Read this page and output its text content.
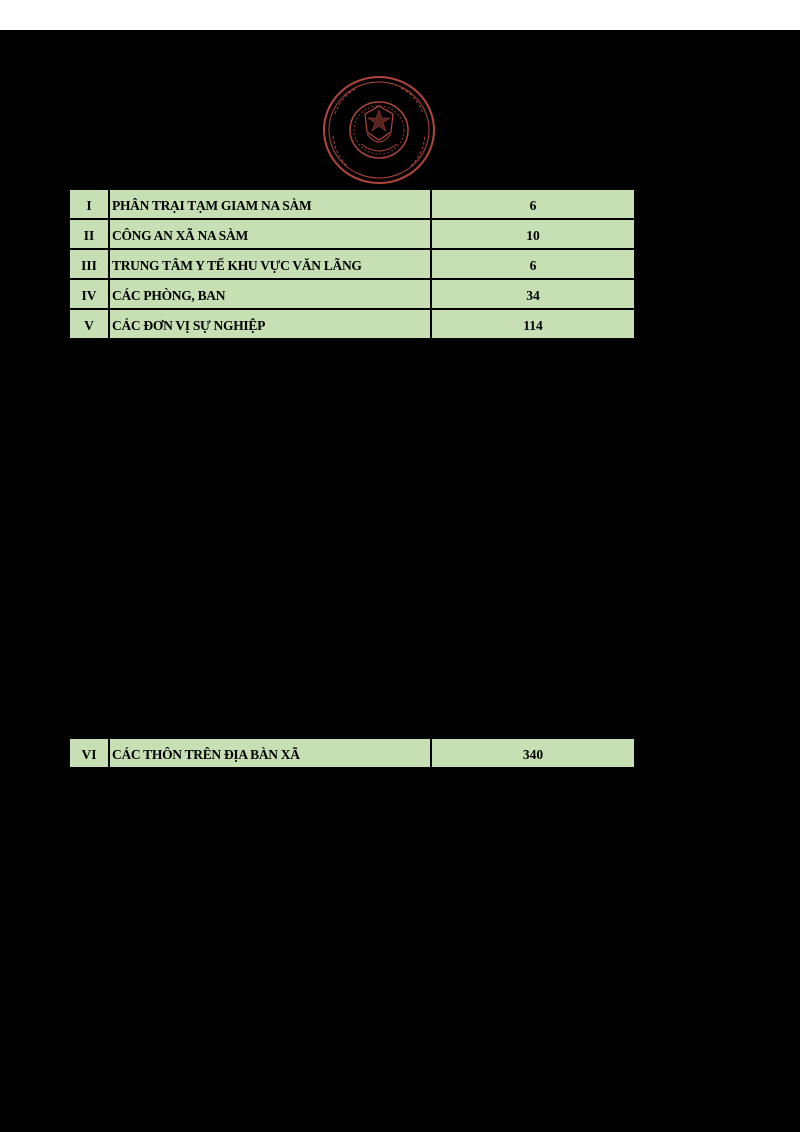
I	PHÂN TRẠI TẠM GIAM NA SÀM	6
II	CÔNG AN XÃ NA SÀM	10
III	TRUNG TÂM Y TẾ KHU VỰC VĂN LÃNG	6
IV	CÁC PHÒNG, BAN	34
V	CÁC ĐƠN VỊ SỰ NGHIỆP	114
VI	CÁC THÔN TRÊN ĐỊA BÀN XÃ	340
